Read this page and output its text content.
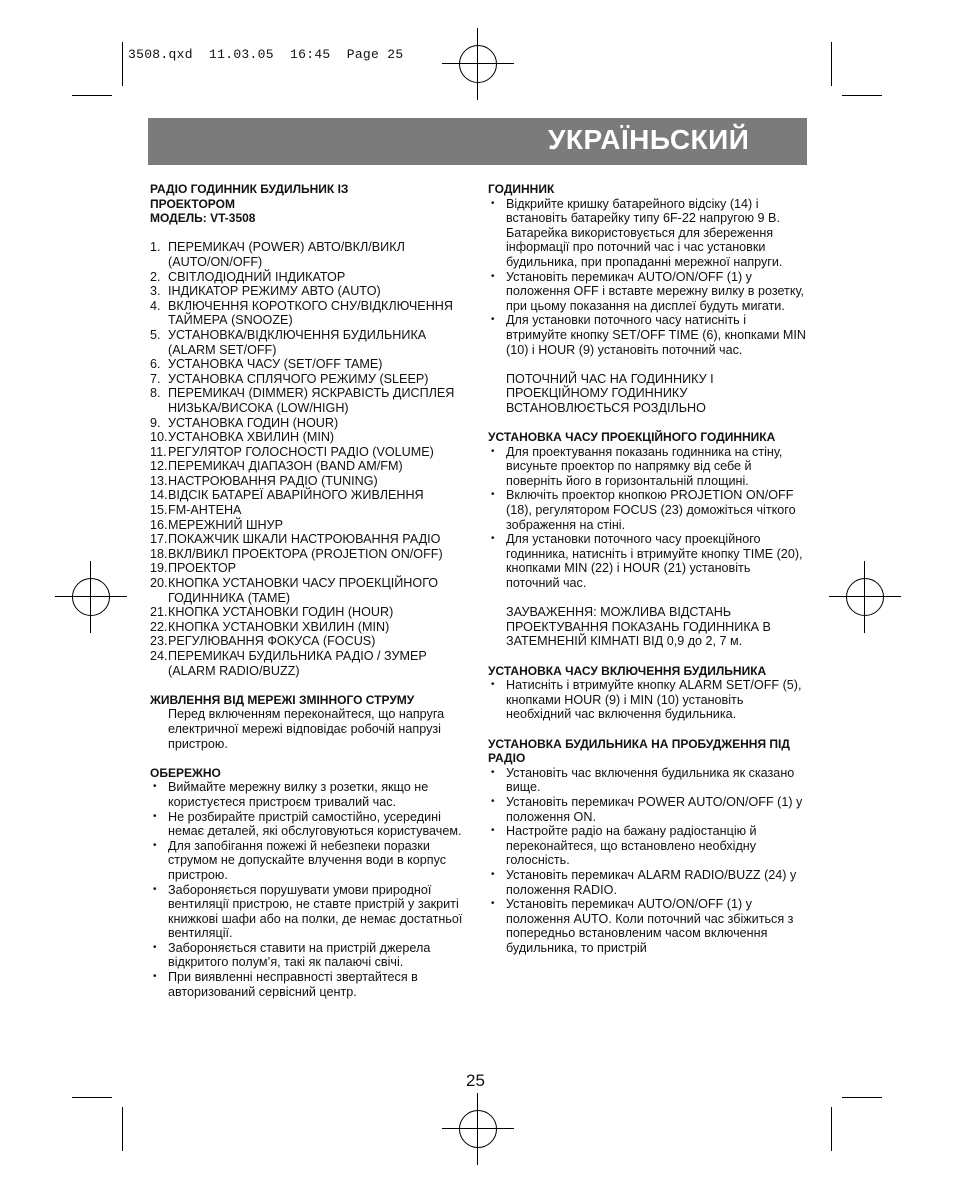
3508.qxd  11.03.05  16:45  Page 25
УКРАЇНЬСКИЙ
РАДІО ГОДИННИК БУДИЛЬНИК ІЗ
ПРОЕКТОРОМ
МОДЕЛЬ: VT-3508
1. ПЕРЕМИКАЧ (POWER) АВТО/ВКЛ/ВИКЛ (AUTO/ON/OFF)
2. СВІТЛОДІОДНИЙ ІНДИКАТОР
3. ІНДИКАТОР РЕЖИМУ АВТО (AUTO)
4. ВКЛЮЧЕННЯ КОРОТКОГО СНУ/ВІДКЛЮЧЕННЯ ТАЙМЕРА (SNOOZE)
5. УСТАНОВКА/ВІДКЛЮЧЕННЯ БУДИЛЬНИКА (ALARM SET/OFF)
6. УСТАНОВКА ЧАСУ (SET/OFF TAME)
7. УСТАНОВКА СПЛЯЧОГО РЕЖИМУ (SLEEP)
8. ПЕРЕМИКАЧ (DIMMER) ЯСКРАВІСТЬ ДИСПЛЕЯ НИЗЬКА/ВИСОКА (LOW/HIGH)
9. УСТАНОВКА ГОДИН (HOUR)
10. УСТАНОВКА ХВИЛИН (MIN)
11. РЕГУЛЯТОР ГОЛОСНОСТІ РАДІО (VOLUME)
12. ПЕРЕМИКАЧ ДІАПАЗОН (BAND AM/FM)
13. НАСТРОЮВАННЯ РАДІО (TUNING)
14. ВІДСІК БАТАРЕЇ АВАРІЙНОГО ЖИВЛЕННЯ
15. FM-АНТЕНА
16. МЕРЕЖНИЙ ШНУР
17. ПОКАЖЧИК ШКАЛИ НАСТРОЮВАННЯ РАДІО
18. ВКЛ/ВИКЛ ПРОЕКТОРА (PROJETION ON/OFF)
19. ПРОЕКТОР
20. КНОПКА УСТАНОВКИ ЧАСУ ПРОЕКЦІЙНОГО ГОДИННИКА (TAME)
21. КНОПКА УСТАНОВКИ ГОДИН (HOUR)
22. КНОПКА УСТАНОВКИ ХВИЛИН (MIN)
23. РЕГУЛЮВАННЯ ФОКУСА (FOCUS)
24. ПЕРЕМИКАЧ БУДИЛЬНИКА РАДІО / ЗУМЕР (ALARM RADIO/BUZZ)
ЖИВЛЕННЯ ВІД МЕРЕЖІ ЗМІННОГО СТРУМУ
Перед включенням переконайтеся, що напруга електричної мережі відповідає робочій напрузі пристрою.
ОБЕРЕЖНО
• Виймайте мережну вилку з розетки, якщо не користуєтеся пристроєм тривалий час.
• Не розбирайте пристрій самостійно, усередині немає деталей, які обслуговуються користувачем.
• Для запобігання пожежі й небезпеки поразки струмом не допускайте влучення води в корпус пристрою.
• Забороняється порушувати умови природної вентиляції пристрою, не ставте пристрій у закриті книжкові шафи або на полки, де немає достатньої вентиляції.
• Забороняється ставити на пристрій джерела відкритого полум’я, такі як палаючі свічі.
• При виявленні несправності звертайтеся в авторизований сервісний центр.
ГОДИННИК
• Відкрийте кришку батарейного відсіку (14) і встановіть батарейку типу 6F-22 напругою 9 В. Батарейка використовується для збереження інформації про поточний час і час установки будильника, при пропаданні мережної напруги.
• Установіть перемикач AUTO/ON/OFF (1) у положення OFF і вставте мережну вилку в розетку, при цьому показання на дисплеї будуть мигати.
• Для установки поточного часу натисніть і втримуйте кнопку SET/OFF TIME (6), кнопками MIN (10) і HOUR (9) установіть поточний час.
ПОТОЧНИЙ ЧАС НА ГОДИННИКУ І ПРОЕКЦІЙНОМУ ГОДИННИКУ ВСТАНОВЛЮЄТЬСЯ РОЗДІЛЬНО
УСТАНОВКА ЧАСУ ПРОЕКЦІЙНОГО ГОДИННИКА
• Для проектування показань годинника на стіну, висуньте проектор по напрямку від себе й поверніть його в горизонтальній площині.
• Включіть проектор кнопкою PROJETION ON/OFF (18), регулятором FOCUS (23) доможіться чіткого зображення на стіні.
• Для установки поточного часу проекційного годинника, натисніть і втримуйте кнопку TIME (20), кнопками MIN (22) і HOUR (21) установіть поточний час.
ЗАУВАЖЕННЯ: МОЖЛИВА ВІДСТАНЬ ПРОЕКТУВАННЯ ПОКАЗАНЬ ГОДИННИКА В ЗАТЕМНЕНІЙ КІМНАТІ ВІД 0,9 до 2, 7 м.
УСТАНОВКА ЧАСУ ВКЛЮЧЕННЯ БУДИЛЬНИКА
• Натисніть і втримуйте кнопку ALARM SET/OFF (5), кнопками HOUR (9) і MIN (10) установіть необхідний час включення будильника.
УСТАНОВКА БУДИЛЬНИКА НА ПРОБУДЖЕННЯ ПІД РАДІО
• Установіть час включення будильника як сказано вище.
• Установіть перемикач POWER AUTO/ON/OFF (1) у положення ON.
• Настройте радіо на бажану радіостанцію й переконайтеся, що встановлено необхідну голосність.
• Установіть перемикач ALARM RADIO/BUZZ (24) у положення RADIO.
• Установіть перемикач AUTO/ON/OFF (1) у положення AUTO. Коли поточний час збіжиться з попередньо встановленим часом включення будильника, то пристрій
25
